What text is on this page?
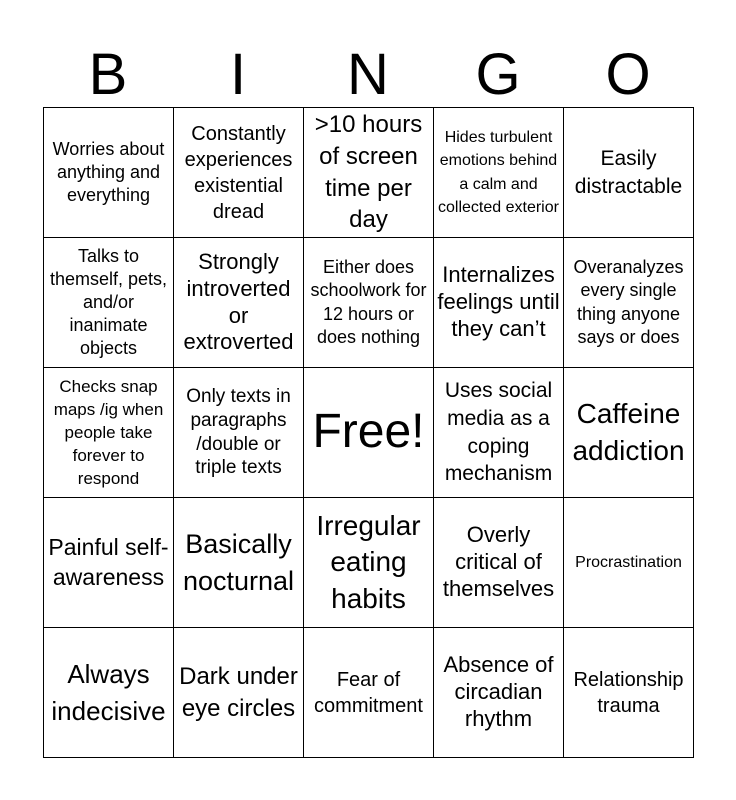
B	I	N	G	O
Worries about anything and everything
Constantly experiences existential dread
>10 hours of screen time per day
Hides turbulent emotions behind a calm and collected exterior
Easily distractable
Talks to themself, pets, and/or inanimate objects
Strongly introverted or extroverted
Either does schoolwork for 12 hours or does nothing
Internalizes feelings until they can’t
Overanalyzes every single thing anyone says or does
Checks snap maps /ig when people take forever to respond
Only texts in paragraphs /double or triple texts
Free!
Uses social media as a coping mechanism
Caffeine addiction
Painful self-awareness
Basically nocturnal
Irregular eating habits
Overly critical of themselves
Procrastination
Always indecisive
Dark under eye circles
Fear of commitment
Absence of circadian rhythm
Relationship trauma
